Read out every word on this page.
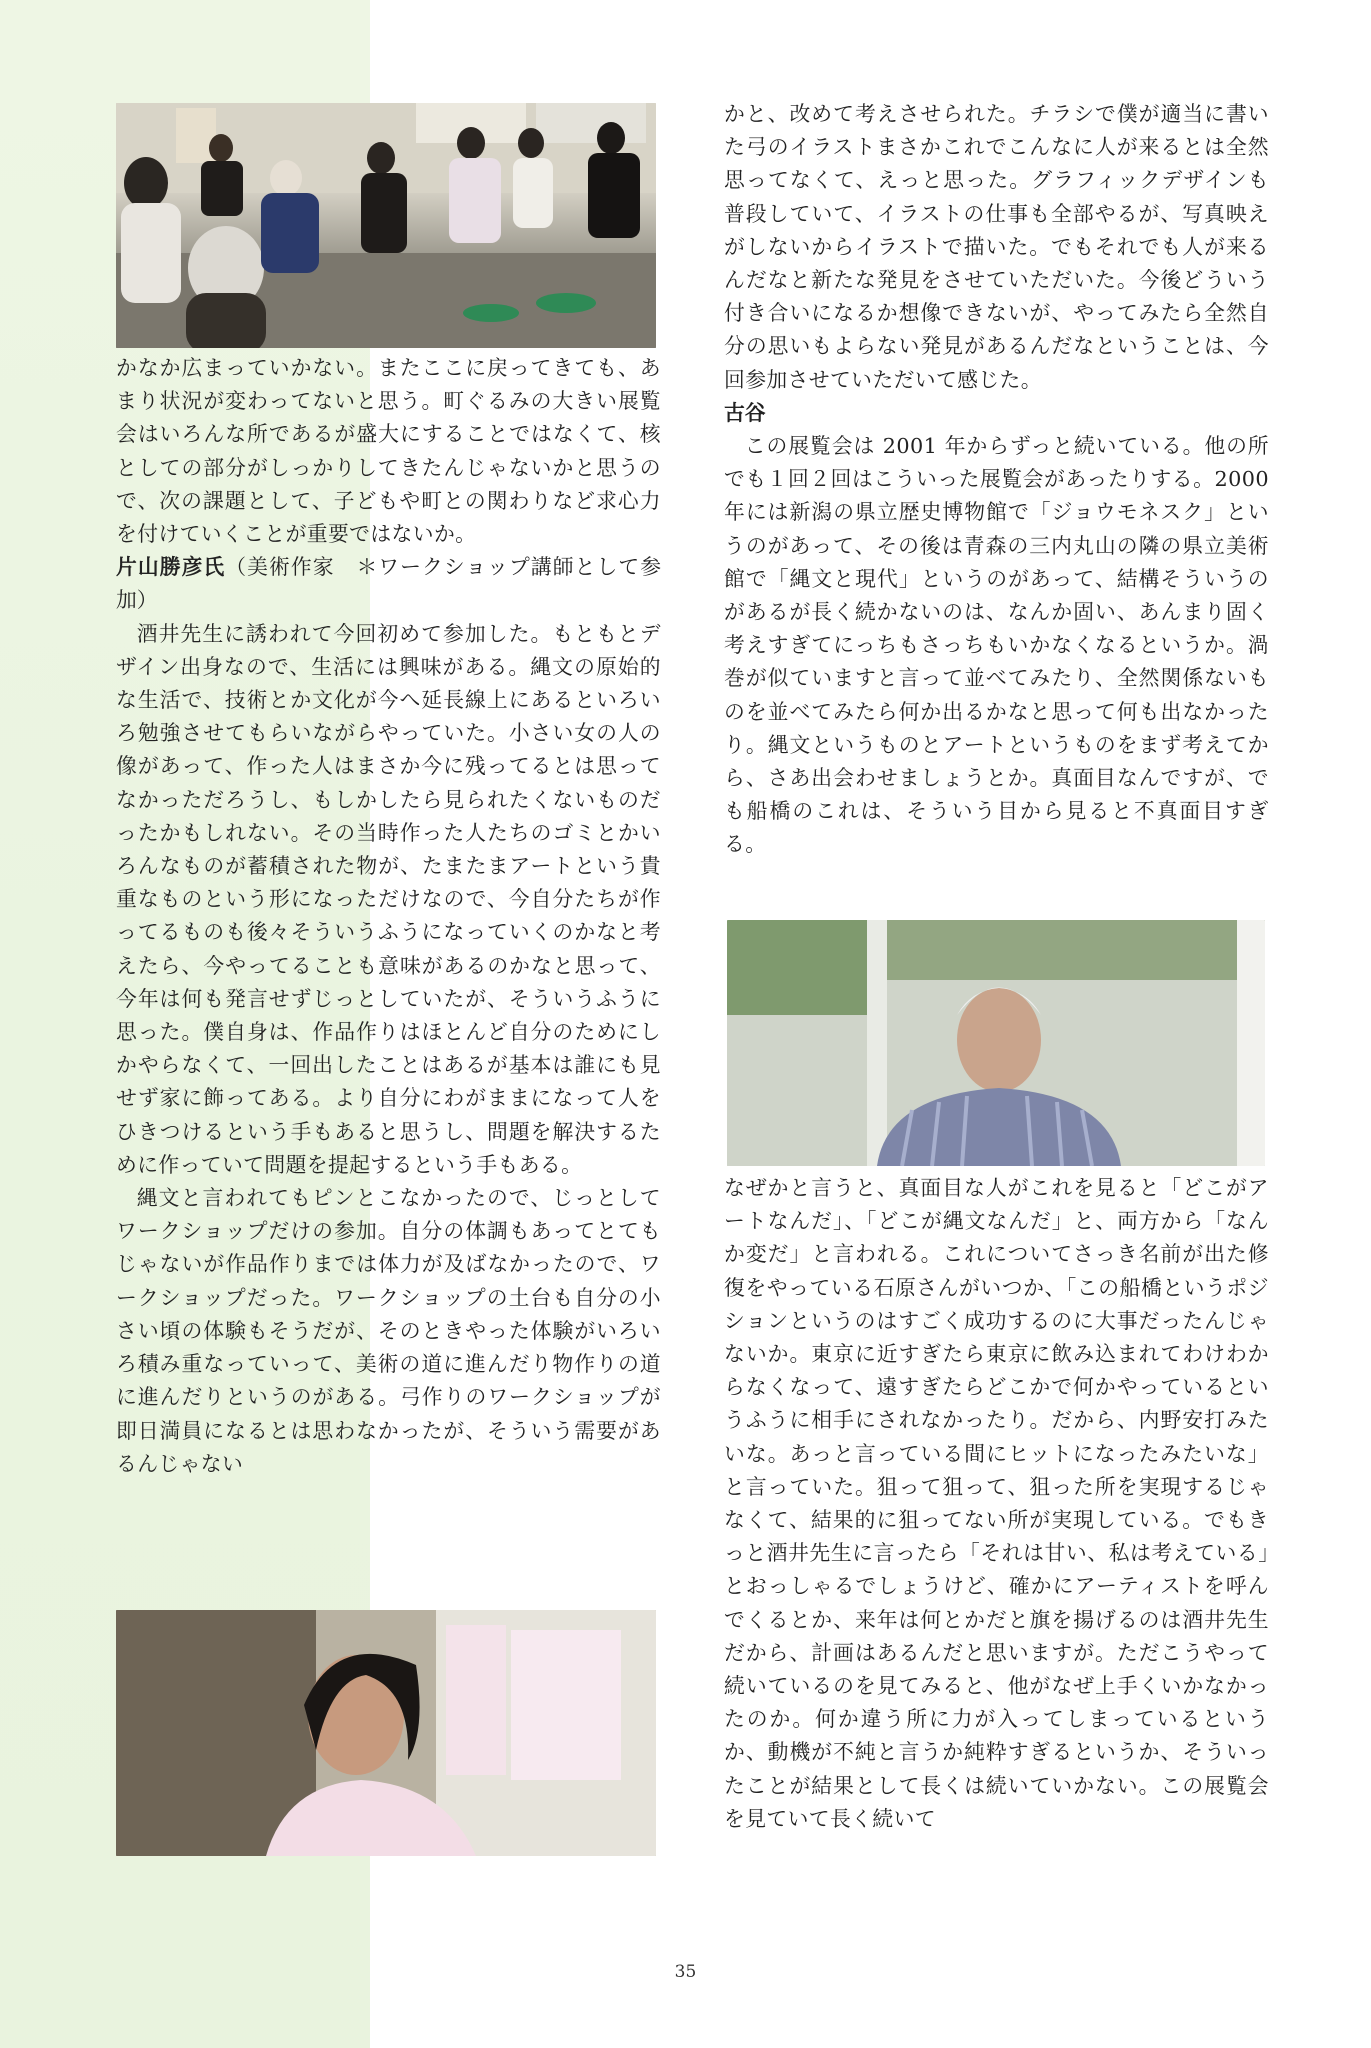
かなか広まっていかない。またここに戻ってきても、あまり状況が変わってないと思う。町ぐるみの大きい展覧会はいろんな所であるが盛大にすることではなくて、核としての部分がしっかりしてきたんじゃないかと思うので、次の課題として、子どもや町との関わりなど求心力を付けていくことが重要ではないか。

片山勝彦氏（美術作家　＊ワークショップ講師として参加）

酒井先生に誘われて今回初めて参加した。もともとデザイン出身なので、生活には興味がある。縄文の原始的な生活で、技術とか文化が今へ延長線上にあるといろいろ勉強させてもらいながらやっていた。小さい女の人の像があって、作った人はまさか今に残ってるとは思ってなかっただろうし、もしかしたら見られたくないものだったかもしれない。その当時作った人たちのゴミとかいろんなものが蓄積された物が、たまたまアートという貴重なものという形になっただけなので、今自分たちが作ってるものも後々そういうふうになっていくのかなと考えたら、今やってることも意味があるのかなと思って、今年は何も発言せずじっとしていたが、そういうふうに思った。僕自身は、作品作りはほとんど自分のためにしかやらなくて、一回出したことはあるが基本は誰にも見せず家に飾ってある。より自分にわがままになって人をひきつけるという手もあると思うし、問題を解決するために作っていて問題を提起するという手もある。

縄文と言われてもピンとこなかったので、じっとしてワークショップだけの参加。自分の体調もあってとてもじゃないが作品作りまでは体力が及ばなかったので、ワークショップだった。ワークショップの土台も自分の小さい頃の体験もそうだが、そのときやった体験がいろいろ積み重なっていって、美術の道に進んだり物作りの道に進んだりというのがある。弓作りのワークショップが即日満員になるとは思わなかったが、そういう需要があるんじゃない

かと、改めて考えさせられた。チラシで僕が適当に書いた弓のイラストまさかこれでこんなに人が来るとは全然思ってなくて、えっと思った。グラフィックデザインも普段していて、イラストの仕事も全部やるが、写真映えがしないからイラストで描いた。でもそれでも人が来るんだなと新たな発見をさせていただいた。今後どういう付き合いになるか想像できないが、やってみたら全然自分の思いもよらない発見があるんだなということは、今回参加させていただいて感じた。

古谷

この展覧会は 2001 年からずっと続いている。他の所でも１回２回はこういった展覧会があったりする。2000 年には新潟の県立歴史博物館で「ジョウモネスク」というのがあって、その後は青森の三内丸山の隣の県立美術館で「縄文と現代」というのがあって、結構そういうのがあるが長く続かないのは、なんか固い、あんまり固く考えすぎてにっちもさっちもいかなくなるというか。渦巻が似ていますと言って並べてみたり、全然関係ないものを並べてみたら何か出るかなと思って何も出なかったり。縄文というものとアートというものをまず考えてから、さあ出会わせましょうとか。真面目なんですが、でも船橋のこれは、そういう目から見ると不真面目すぎる。

なぜかと言うと、真面目な人がこれを見ると「どこがアートなんだ」、「どこが縄文なんだ」と、両方から「なんか変だ」と言われる。これについてさっき名前が出た修復をやっている石原さんがいつか、「この船橋というポジションというのはすごく成功するのに大事だったんじゃないか。東京に近すぎたら東京に飲み込まれてわけわからなくなって、遠すぎたらどこかで何かやっているというふうに相手にされなかったり。だから、内野安打みたいな。あっと言っている間にヒットになったみたいな」と言っていた。狙って狙って、狙った所を実現するじゃなくて、結果的に狙ってない所が実現している。でもきっと酒井先生に言ったら「それは甘い、私は考えている」とおっしゃるでしょうけど、確かにアーティストを呼んでくるとか、来年は何とかだと旗を揚げるのは酒井先生だから、計画はあるんだと思いますが。ただこうやって続いているのを見てみると、他がなぜ上手くいかなかったのか。何か違う所に力が入ってしまっているというか、動機が不純と言うか純粋すぎるというか、そういったことが結果として長くは続いていかない。この展覧会を見ていて長く続いて

35
